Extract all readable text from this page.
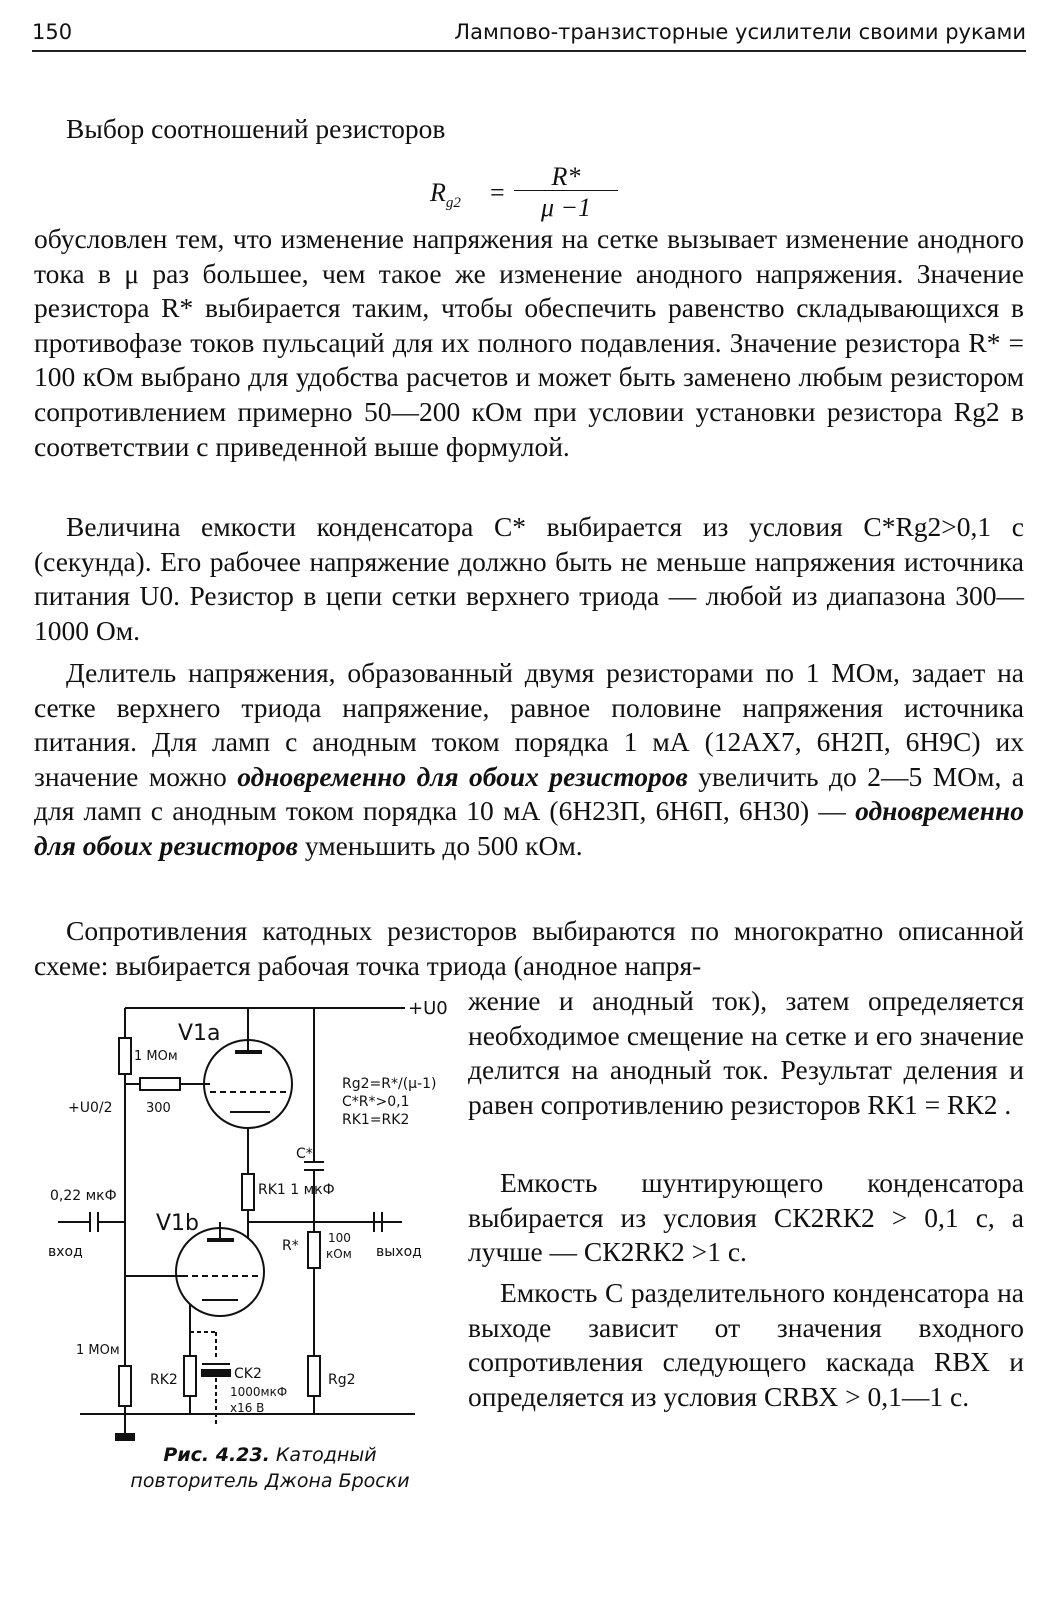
150	Лампово-транзисторные усилители своими руками

Выбор соотношений резисторов

$R_{g2}$ =
R*
μ −1

обусловлен тем, что изменение напряжения на сетке вызывает изменение анодного тока в μ раз большее, чем такое же изменение анодного напряжения. Значение резистора R* выбирается таким, чтобы обеспечить равенство складывающихся в противофазе токов пульсаций для их полного подавления. Значение резистора R* = 100 кОм выбрано для удобства расчетов и может быть заменено любым резистором сопротивлением примерно 50—200 кОм при условии установки резистора Rg2 в соответствии с приведенной выше формулой.

Величина емкости конденсатора C* выбирается из условия C*Rg2>0,1 с (секунда). Его рабочее напряжение должно быть не меньше напряжения источника питания U0. Резистор в цепи сетки верхнего триода — любой из диапазона 300—1000 Ом.

Делитель напряжения, образованный двумя резисторами по 1 МОм, задает на сетке верхнего триода напряжение, равное половине напряжения источника питания. Для ламп с анодным током порядка 1 мА (12АХ7, 6Н2П, 6Н9С) их значение можно одновременно для обоих резисторов увеличить до 2—5 МОм, а для ламп с анодным током порядка 10 мА (6Н23П, 6Н6П, 6Н30) — одновременно для обоих резисторов уменьшить до 500 кОм.

Сопротивления катодных резисторов выбираются по многократно описанной схеме: выбирается рабочая точка триода (анодное напря-

жение и анодный ток), затем определяется необходимое смещение на сетке и его значение делится на анодный ток. Результат деления и равен сопротивлению резисторов RК1 = RК2 .

Емкость шунтирующего конденсатора выбирается из условия CК2RК2 > 0,1 с, а лучше — CК2RК2 >1 с.

Емкость С разделительного конденсатора на выходе зависит от значения входного сопротивления следующего каскада RВХ и определяется из условия CRВХ > 0,1—1 с.

+U0
V1a
1 МОм
+U0/2	300
0,22 мкФ
вход
V1b
RK1 1 мкФ
C*
R* 100
кОм выход
1 МОм
RK2	CK2
1000мкФ
x16 В
Rg2
Rg2=R*/(μ-1)
C*R*>0,1
RK1=RK2
Рис. 4.23. Катодный повторитель Джона Броски
